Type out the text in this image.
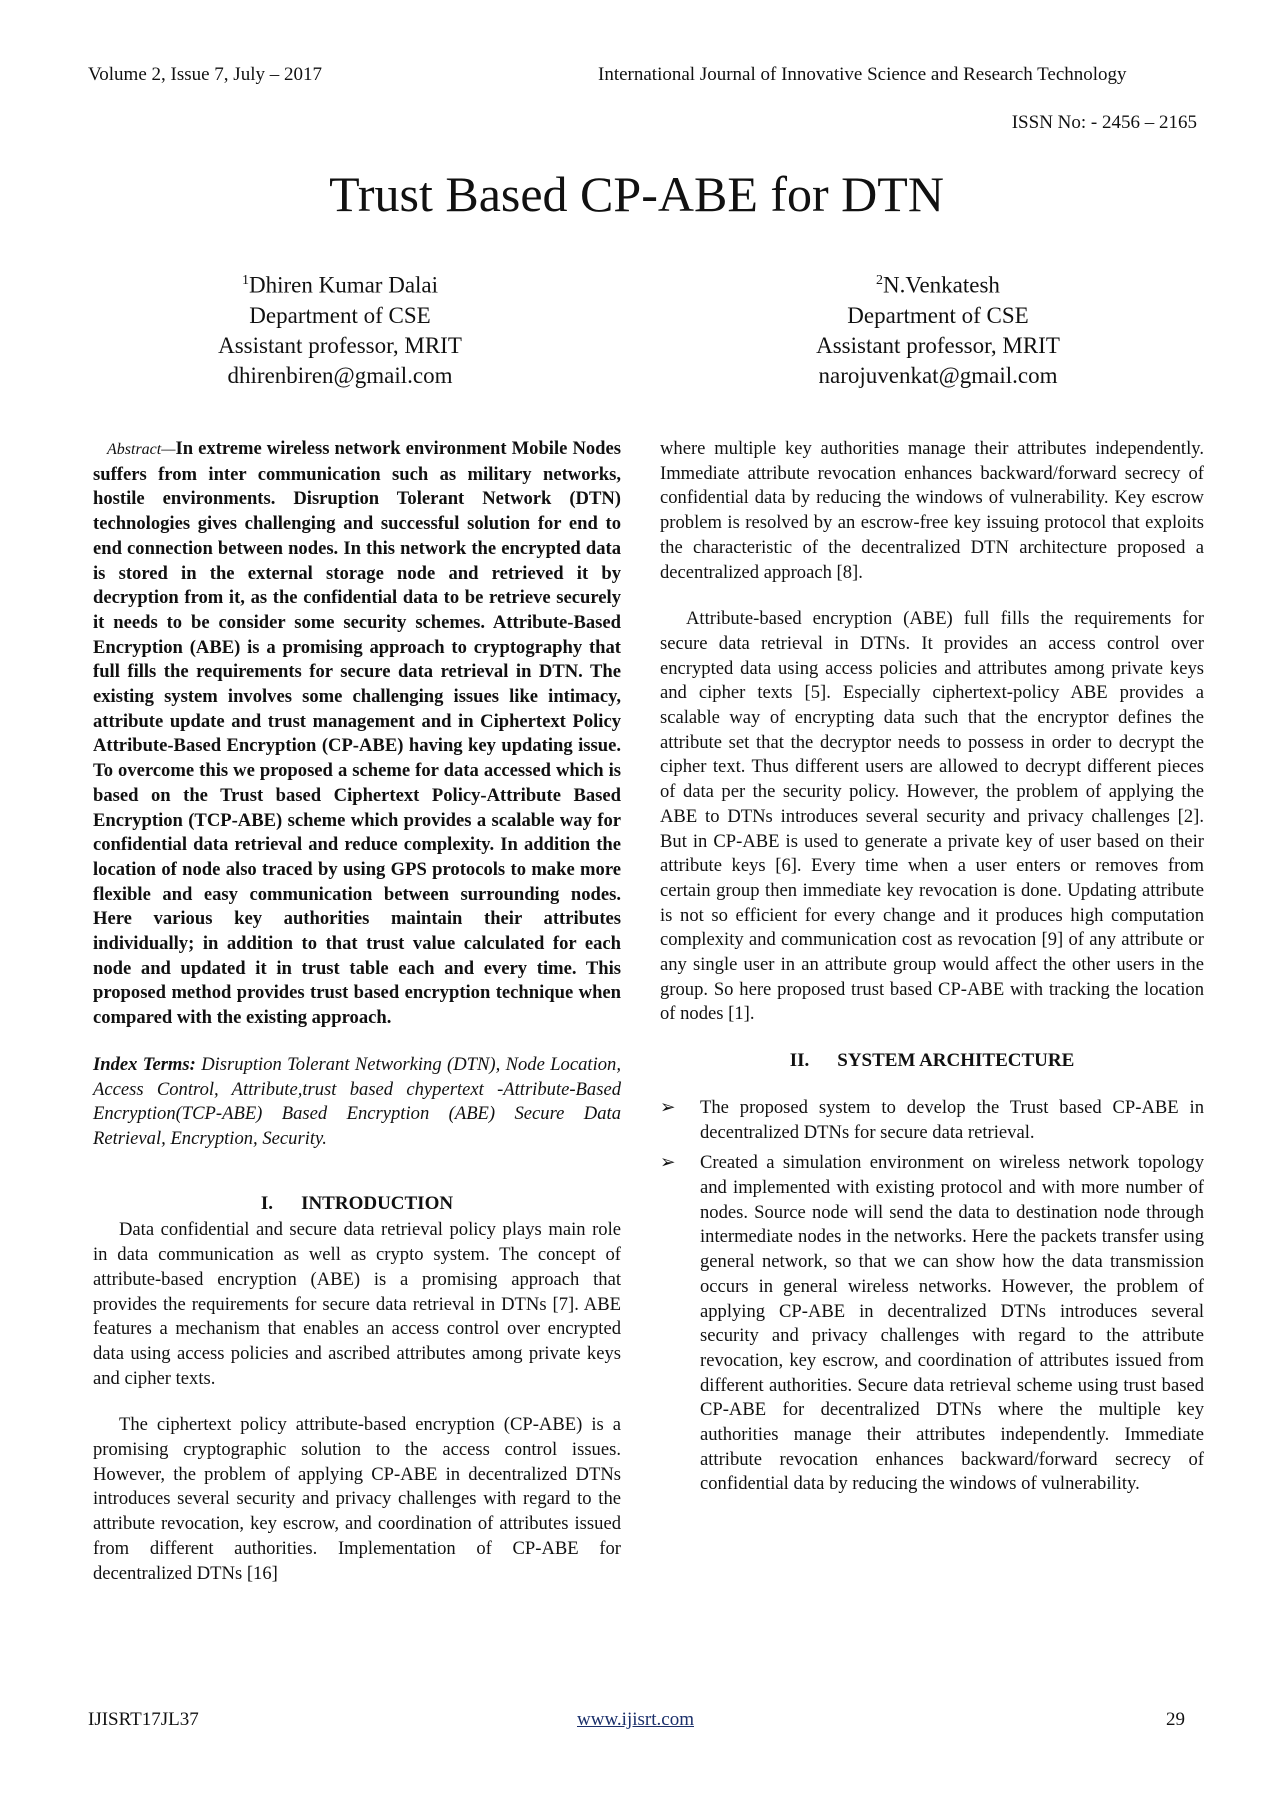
Volume 2, Issue 7, July – 2017	International Journal of Innovative Science and Research Technology
ISSN No: - 2456 – 2165
Trust Based CP-ABE for DTN
$^1$Dhiren Kumar Dalai
Department of CSE
Assistant professor, MRIT
dhirenbiren@gmail.com
$^2$N.Venkatesh
Department of CSE
Assistant professor, MRIT
narojuvenkat@gmail.com

Abstract—In extreme wireless network environment Mobile Nodes suffers from inter communication such as military networks, hostile environments. Disruption Tolerant Network (DTN) technologies gives challenging and successful solution for end to end connection between nodes. In this network the encrypted data is stored in the external storage node and retrieved it by decryption from it, as the confidential data to be retrieve securely it needs to be consider some security schemes. Attribute-Based Encryption (ABE) is a promising approach to cryptography that full fills the requirements for secure data retrieval in DTN. The existing system involves some challenging issues like intimacy, attribute update and trust management and in Ciphertext Policy Attribute-Based Encryption (CP-ABE) having key updating issue. To overcome this we proposed a scheme for data accessed which is based on the Trust based Ciphertext Policy-Attribute Based Encryption (TCP-ABE) scheme which provides a scalable way for confidential data retrieval and reduce complexity. In addition the location of node also traced by using GPS protocols to make more flexible and easy communication between surrounding nodes. Here various key authorities maintain their attributes individually; in addition to that trust value calculated for each node and updated it in trust table each and every time. This proposed method provides trust based encryption technique when compared with the existing approach.

Index Terms: Disruption Tolerant Networking (DTN), Node Location, Access Control, Attribute,trust based chypertext -Attribute-Based Encryption(TCP-ABE) Based Encryption (ABE) Secure Data Retrieval, Encryption, Security.

I. INTRODUCTION

Data confidential and secure data retrieval policy plays main role in data communication as well as crypto system. The concept of attribute-based encryption (ABE) is a promising approach that provides the requirements for secure data retrieval in DTNs [7]. ABE features a mechanism that enables an access control over encrypted data using access policies and ascribed attributes among private keys and cipher texts.

The ciphertext policy attribute-based encryption (CP-ABE) is a promising cryptographic solution to the access control issues. However, the problem of applying CP-ABE in decentralized DTNs introduces several security and privacy challenges with regard to the attribute revocation, key escrow, and coordination of attributes issued from different authorities. Implementation of CP-ABE for decentralized DTNs [16]

where multiple key authorities manage their attributes independently. Immediate attribute revocation enhances backward/forward secrecy of confidential data by reducing the windows of vulnerability. Key escrow problem is resolved by an escrow-free key issuing protocol that exploits the characteristic of the decentralized DTN architecture proposed a decentralized approach [8].

Attribute-based encryption (ABE) full fills the requirements for secure data retrieval in DTNs. It provides an access control over encrypted data using access policies and attributes among private keys and cipher texts [5]. Especially ciphertext-policy ABE provides a scalable way of encrypting data such that the encryptor defines the attribute set that the decryptor needs to possess in order to decrypt the cipher text. Thus different users are allowed to decrypt different pieces of data per the security policy. However, the problem of applying the ABE to DTNs introduces several security and privacy challenges [2]. But in CP-ABE is used to generate a private key of user based on their attribute keys [6]. Every time when a user enters or removes from certain group then immediate key revocation is done. Updating attribute is not so efficient for every change and it produces high computation complexity and communication cost as revocation [9] of any attribute or any single user in an attribute group would affect the other users in the group. So here proposed trust based CP-ABE with tracking the location of nodes [1].

II. SYSTEM ARCHITECTURE

➢ The proposed system to develop the Trust based CP-ABE in decentralized DTNs for secure data retrieval.
➢ Created a simulation environment on wireless network topology and implemented with existing protocol and with more number of nodes. Source node will send the data to destination node through intermediate nodes in the networks. Here the packets transfer using general network, so that we can show how the data transmission occurs in general wireless networks. However, the problem of applying CP-ABE in decentralized DTNs introduces several security and privacy challenges with regard to the attribute revocation, key escrow, and coordination of attributes issued from different authorities. Secure data retrieval scheme using trust based CP-ABE for decentralized DTNs where the multiple key authorities manage their attributes independently. Immediate attribute revocation enhances backward/forward secrecy of confidential data by reducing the windows of vulnerability.
IJISRT17JL37	www.ijisrt.com	29
